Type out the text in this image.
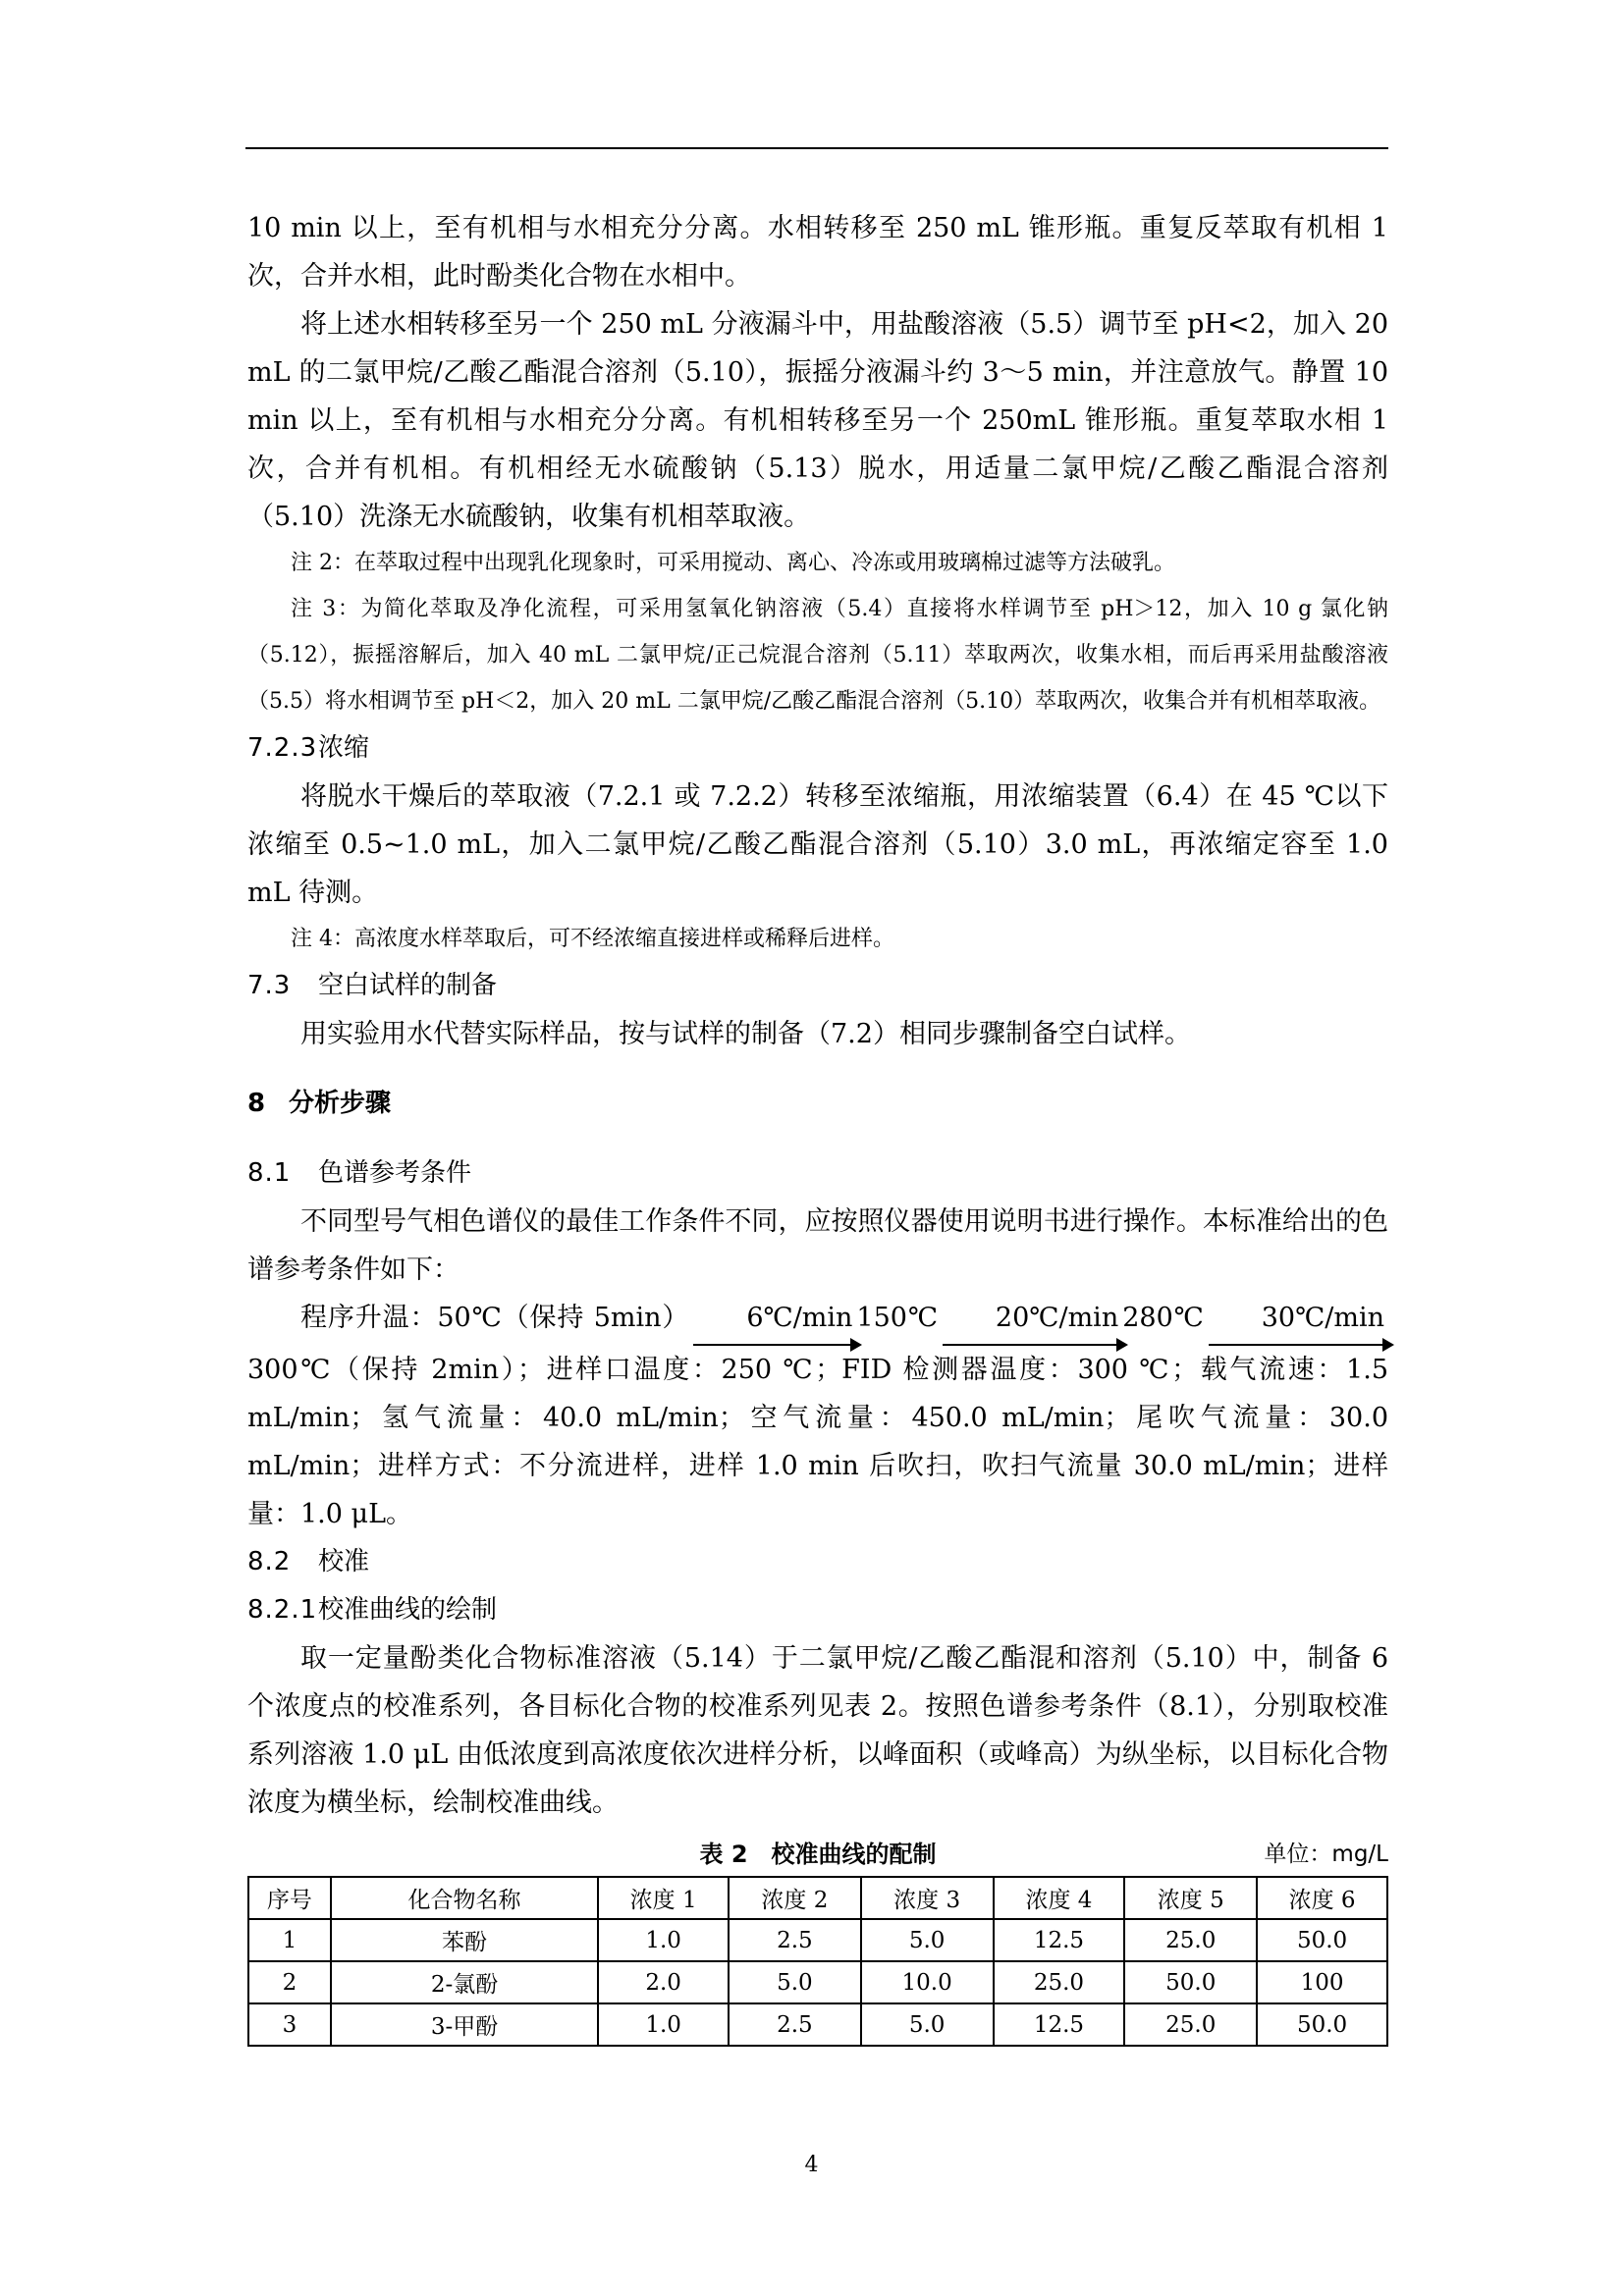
10 min 以上，至有机相与水相充分分离。水相转移至 250 mL 锥形瓶。重复反萃取有机相 1 次，合并水相，此时酚类化合物在水相中。

将上述水相转移至另一个 250 mL 分液漏斗中，用盐酸溶液（5.5）调节至 pH<2，加入 20 mL 的二氯甲烷/乙酸乙酯混合溶剂（5.10），振摇分液漏斗约 3～5 min，并注意放气。静置 10 min 以上，至有机相与水相充分分离。有机相转移至另一个 250mL 锥形瓶。重复萃取水相 1 次，合并有机相。有机相经无水硫酸钠（5.13）脱水，用适量二氯甲烷/乙酸乙酯混合溶剂（5.10）洗涤无水硫酸钠，收集有机相萃取液。

注 2：在萃取过程中出现乳化现象时，可采用搅动、离心、冷冻或用玻璃棉过滤等方法破乳。

注 3：为简化萃取及净化流程，可采用氢氧化钠溶液（5.4）直接将水样调节至 pH＞12，加入 10 g 氯化钠（5.12），振摇溶解后，加入 40 mL 二氯甲烷/正己烷混合溶剂（5.11）萃取两次，收集水相，而后再采用盐酸溶液（5.5）将水相调节至 pH＜2，加入 20 mL 二氯甲烷/乙酸乙酯混合溶剂（5.10）萃取两次，收集合并有机相萃取液。

7.2.3浓缩

将脱水干燥后的萃取液（7.2.1 或 7.2.2）转移至浓缩瓶，用浓缩装置（6.4）在 45 ℃以下浓缩至 0.5~1.0 mL，加入二氯甲烷/乙酸乙酯混合溶剂（5.10）3.0 mL，再浓缩定容至 1.0 mL 待测。

注 4：高浓度水样萃取后，可不经浓缩直接进样或稀释后进样。

7.3 空白试样的制备

用实验用水代替实际样品，按与试样的制备（7.2）相同步骤制备空白试样。

8 分析步骤

8.1 色谱参考条件

不同型号气相色谱仪的最佳工作条件不同，应按照仪器使用说明书进行操作。本标准给出的色谱参考条件如下：

程序升温：50℃（保持 5min） 6℃/min 150℃ 20℃/min 280℃ 30℃/min300℃（保持 2min）；进样口温度：250 ℃；FID 检测器温度：300 ℃；载气流速：1.5 mL/min；氢气流量：40.0 mL/min；空气流量：450.0 mL/min；尾吹气流量：30.0 mL/min；进样方式：不分流进样，进样 1.0 min 后吹扫，吹扫气流量 30.0 mL/min；进样量：1.0 μL。

8.2 校准

8.2.1校准曲线的绘制

取一定量酚类化合物标准溶液（5.14）于二氯甲烷/乙酸乙酯混和溶剂（5.10）中，制备 6 个浓度点的校准系列，各目标化合物的校准系列见表 2。按照色谱参考条件（8.1），分别取校准系列溶液 1.0 μL 由低浓度到高浓度依次进样分析，以峰面积（或峰高）为纵坐标，以目标化合物浓度为横坐标，绘制校准曲线。

表 2　校准曲线的配制	单位：mg/L
序号	化合物名称	浓度 1	浓度 2	浓度 3	浓度 4	浓度 5	浓度 6
1	苯酚	1.0	2.5	5.0	12.5	25.0	50.0
2	2-氯酚	2.0	5.0	10.0	25.0	50.0	100
3	3-甲酚	1.0	2.5	5.0	12.5	25.0	50.0
4
